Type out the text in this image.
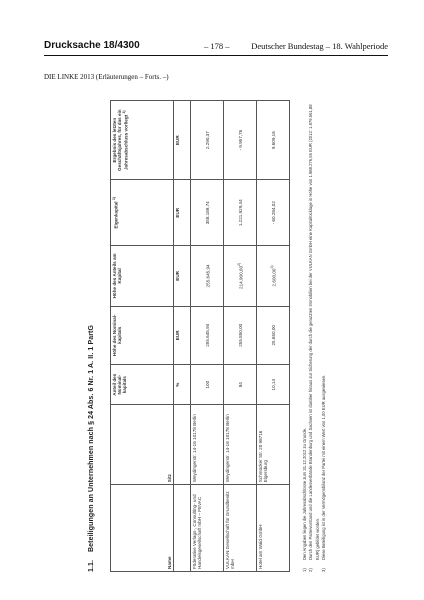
Drucksache 18/4300	– 178 –	Deutscher Bundestag – 18. Wahlperiode
DIE LINKE 2013 (Erläuterungen – Forts. –)
1.1.Beteiligungen an Unternehmen nach § 24 Abs. 6 Nr. 1 A. II. 1 PartG
Name	Sitz	Anteil des Nominal-kapitals	Höhe des Nominal-kapitals	Höhe des Anteils am Kapital	Eigenkapital $^{1)}$	Ergebnis des letzten Geschäftsjahres, für das ein Jahresabschluss vorliegt $^{1)}$
		%	EUR	EUR	EUR	EUR
Föderative Verlags-, Consulting- und Handelsgesellschaft mbH – FEVAC	Weydingerstr. 14-16 10178 Berlin	100	255.645,94	255.645,94	358.189,74	2.290,37
VULKAN Gesellschaft für Grundbesitz mbH	Weydingerstr. 14-16 10178 Berlin	84	255.850,00	214.900,00$^{2)}$	1.221.929,44	- 9.957,76
Hotel am Wald GmbH	Schmücker Str. 20 98716 Elgersburg	10,14	25.650,00	2.600,00$^{3)}$	- 60.284,02	9.609,16
1)
Den Angaben liegen die Jahresabschlüsse zum 31.12.2012 zu Grunde.
2)
Durch den Parteivorstand und die Landesverbände Brandenburg und Sachsen ist darüber hinaus zur Sicherung der durch die genutzten Immobilien bei der VULKAN GmbH eine Kapitalrücklage in Höhe von 1.988.276,55 EUR (2012: 1.979.561,88 EUR) gebildet worden.
3)
Diese Beteiligung ist in der Vermögensbilanz der Partei mit einem Wert von 1,00 EUR ausgewiesen.
